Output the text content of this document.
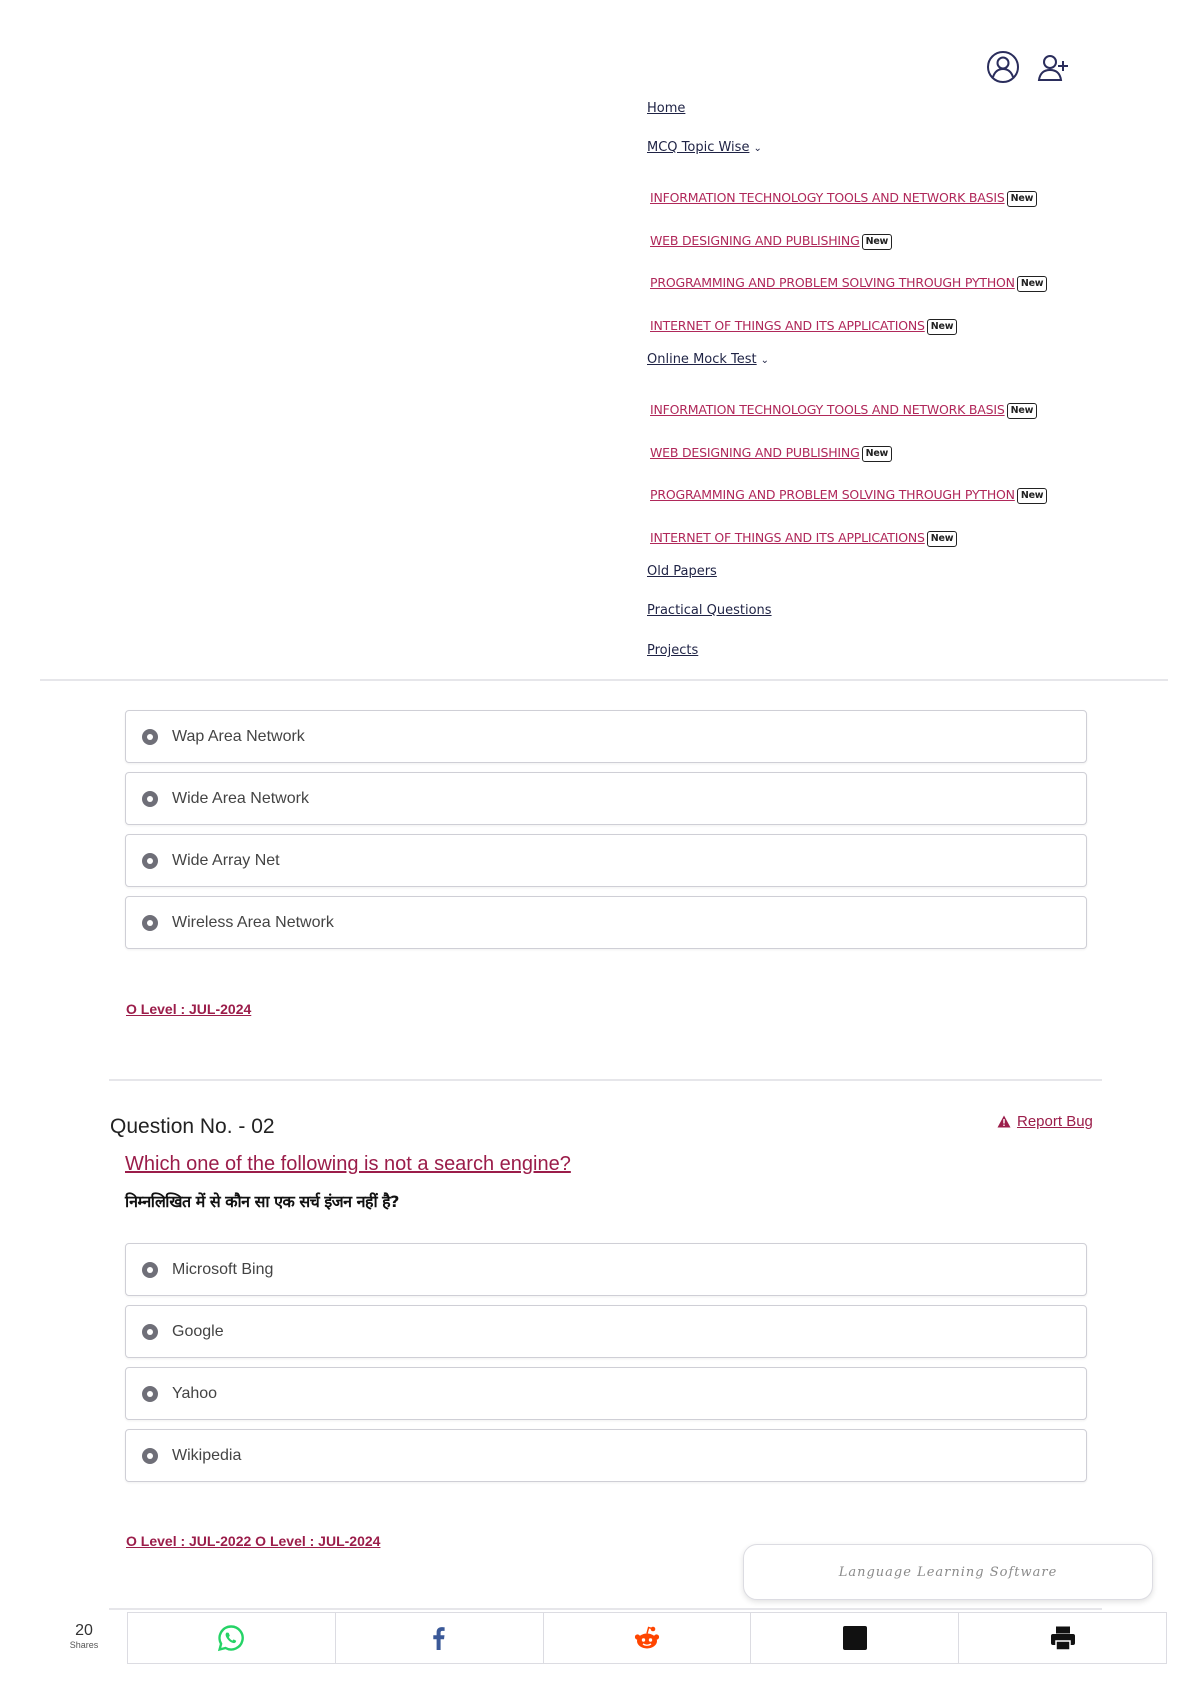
Home
MCQ Topic Wise ⌄
INFORMATION TECHNOLOGY TOOLS AND NETWORK BASIS New
WEB DESIGNING AND PUBLISHING New
PROGRAMMING AND PROBLEM SOLVING THROUGH PYTHON New
INTERNET OF THINGS AND ITS APPLICATIONS New
Online Mock Test ⌄
INFORMATION TECHNOLOGY TOOLS AND NETWORK BASIS New
WEB DESIGNING AND PUBLISHING New
PROGRAMMING AND PROBLEM SOLVING THROUGH PYTHON New
INTERNET OF THINGS AND ITS APPLICATIONS New
Old Papers
Practical Questions
Projects
Wap Area Network
Wide Area Network
Wide Array Net
Wireless Area Network
O Level : JUL-2024
Question No. - 02	Report Bug
Which one of the following is not a search engine?
निम्नलिखित में से कौन सा एक सर्च इंजन नहीं है?
Microsoft Bing
Google
Yahoo
Wikipedia
O Level : JUL-2022 O Level : JUL-2024
Language Learning Software
20
Shares
